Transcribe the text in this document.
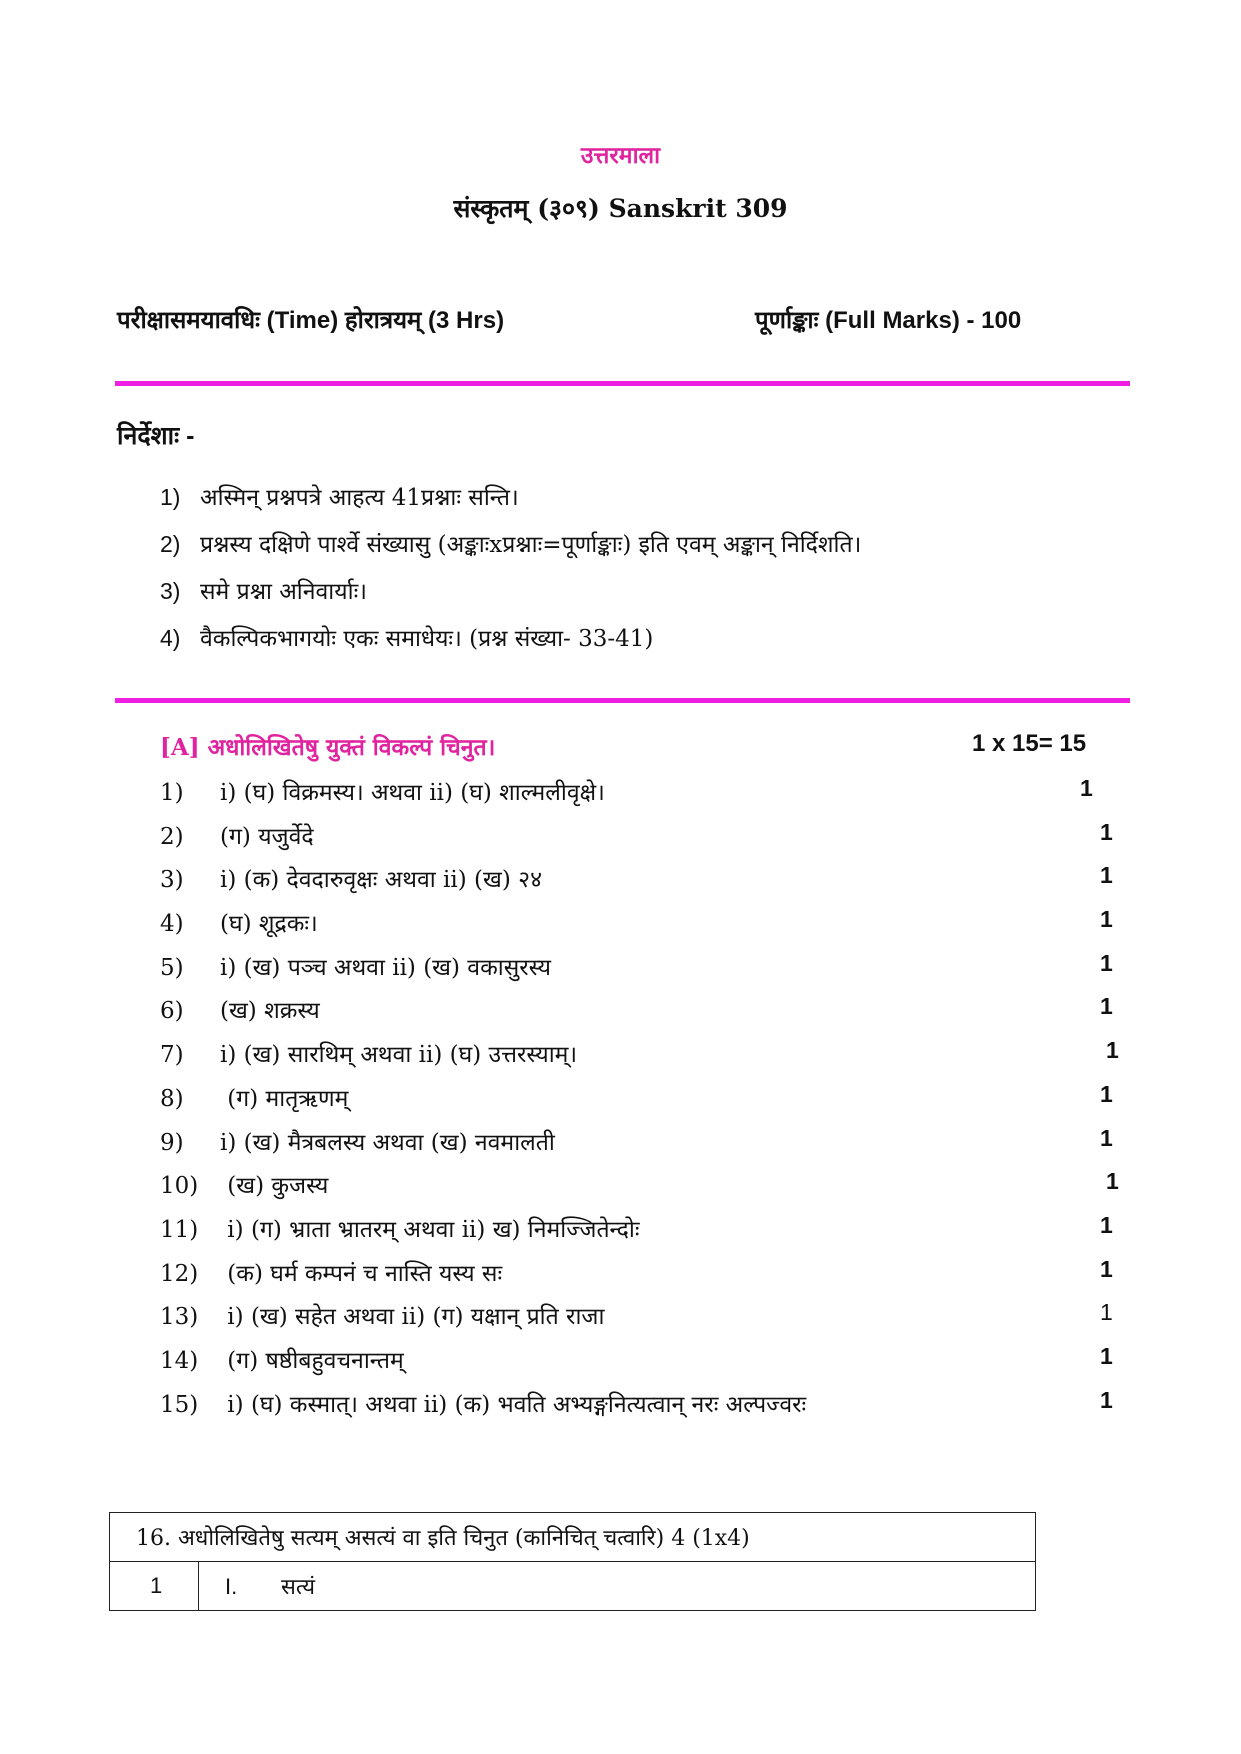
उत्तरमाला
संस्कृतम् (३०९) Sanskrit 309
परीक्षासमयावधिः (Time) होरात्रयम् (3 Hrs)	पूर्णाङ्काः (Full Marks) - 100
निर्देशाः -
1) अस्मिन् प्रश्नपत्रे आहत्य 41प्रश्नाः सन्ति।
2) प्रश्नस्य दक्षिणे पार्श्वे संख्यासु (अङ्काःxप्रश्नाः=पूर्णाङ्काः) इति एवम् अङ्कान् निर्दिशति।
3) समे प्रश्ना अनिवार्याः।
4) वैकल्पिकभागयोः एकः समाधेयः। (प्रश्न संख्या- 33-41)
[A] अधोलिखितेषु युक्तं विकल्पं चिनुत।	1 x 15= 15
1) i) (घ) विक्रमस्य। अथवा ii) (घ) शाल्मलीवृक्षे।	1
2) (ग) यजुर्वेदे	1
3) i) (क) देवदारुवृक्षः अथवा ii) (ख) २४	1
4) (घ) शूद्रकः।	1
5) i) (ख) पञ्च अथवा ii) (ख) वकासुरस्य	1
6) (ख) शक्रस्य	1
7) i) (ख) सारथिम् अथवा ii) (घ) उत्तरस्याम्।	1
8) (ग) मातृऋणम्	1
9) i) (ख) मैत्रबलस्य अथवा (ख) नवमालती	1
10) (ख) कुजस्य	1
11) i) (ग) भ्राता भ्रातरम् अथवा ii) ख) निमज्जितेन्दोः	1
12) (क) घर्म कम्पनं च नास्ति यस्य सः	1
13) i) (ख) सहेत अथवा ii) (ग) यक्षान् प्रति राजा	1
14) (ग) षष्ठीबहुवचनान्तम्	1
15) i) (घ) कस्मात्। अथवा ii) (क) भवति अभ्यङ्गनित्यत्वान् नरः अल्पज्वरः	1
16. अधोलिखितेषु सत्यम् असत्यं वा इति चिनुत (कानिचित् चत्वारि) 4 (1x4)
1	I. सत्यं
